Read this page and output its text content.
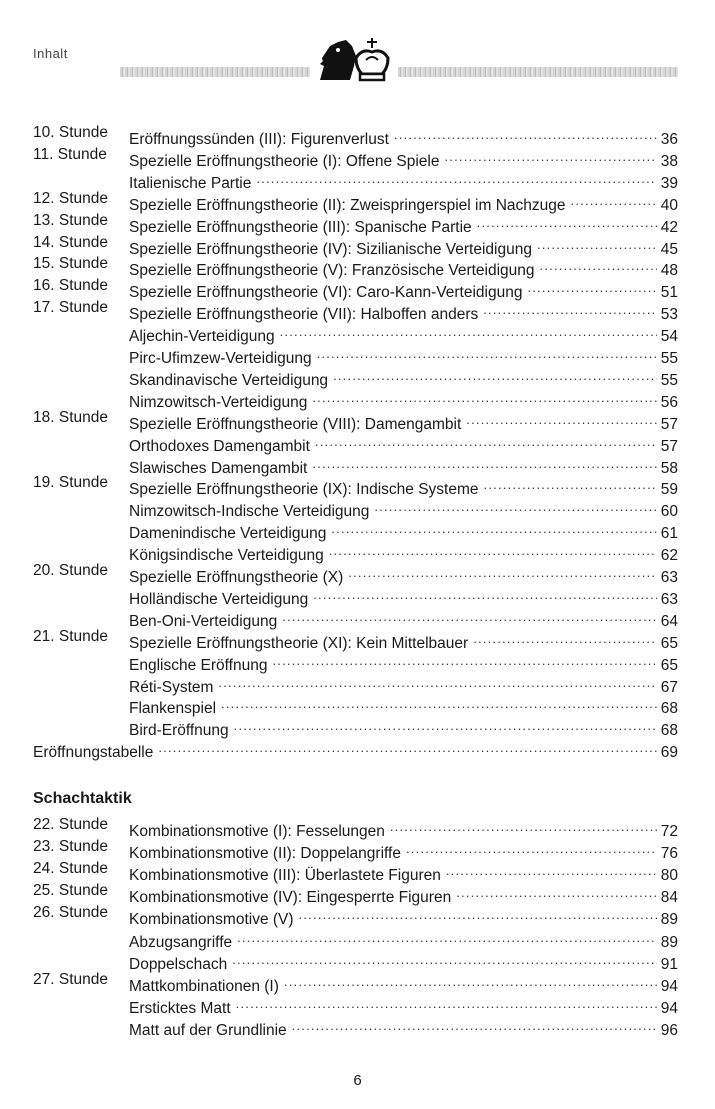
Inhalt
10. Stunde Eröffnungssünden (III): Figurenverlust .....	36
11. Stunde Spezielle Eröffnungstheorie (I): Offene Spiele .....	38
Italienische Partie .....	39
12. Stunde Spezielle Eröffnungstheorie (II): Zweispringerspiel im Nachzuge .....	40
13. Stunde Spezielle Eröffnungstheorie (III): Spanische Partie .....	42
14. Stunde Spezielle Eröffnungstheorie (IV): Sizilianische Verteidigung .....	45
15. Stunde Spezielle Eröffnungstheorie (V): Französische Verteidigung .....	48
16. Stunde Spezielle Eröffnungstheorie (VI): Caro-Kann-Verteidigung .....	51
17. Stunde Spezielle Eröffnungstheorie (VII): Halboffen anders .....	53
Aljechin-Verteidigung .....	54
Pirc-Ufimzew-Verteidigung .....	55
Skandinavische Verteidigung .....	55
Nimzowitsch-Verteidigung .....	56
18. Stunde Spezielle Eröffnungstheorie (VIII): Damengambit .....	57
Orthodoxes Damengambit .....	57
Slawisches Damengambit .....	58
19. Stunde Spezielle Eröffnungstheorie (IX): Indische Systeme .....	59
Nimzowitsch-Indische Verteidigung .....	60
Damenindische Verteidigung .....	61
Königsindische Verteidigung .....	62
20. Stunde Spezielle Eröffnungstheorie (X) .....	63
Holländische Verteidigung .....	63
Ben-Oni-Verteidigung .....	64
21. Stunde Spezielle Eröffnungstheorie (XI): Kein Mittelbauer .....	65
Englische Eröffnung .....	65
Réti-System .....	67
Flankenspiel .....	68
Bird-Eröffnung .....	68
Eröffnungstabelle .....	69
Schachtaktik
22. Stunde Kombinationsmotive (I): Fesselungen .....	72
23. Stunde Kombinationsmotive (II): Doppelangriffe .....	76
24. Stunde Kombinationsmotive (III): Überlastete Figuren .....	80
25. Stunde Kombinationsmotive (IV): Eingesperrte Figuren .....	84
26. Stunde Kombinationsmotive (V) .....	89
Abzugsangriffe .....	89
Doppelschach .....	91
27. Stunde Mattkombinationen (I) .....	94
Ersticktes Matt .....	94
Matt auf der Grundlinie .....	96
6
